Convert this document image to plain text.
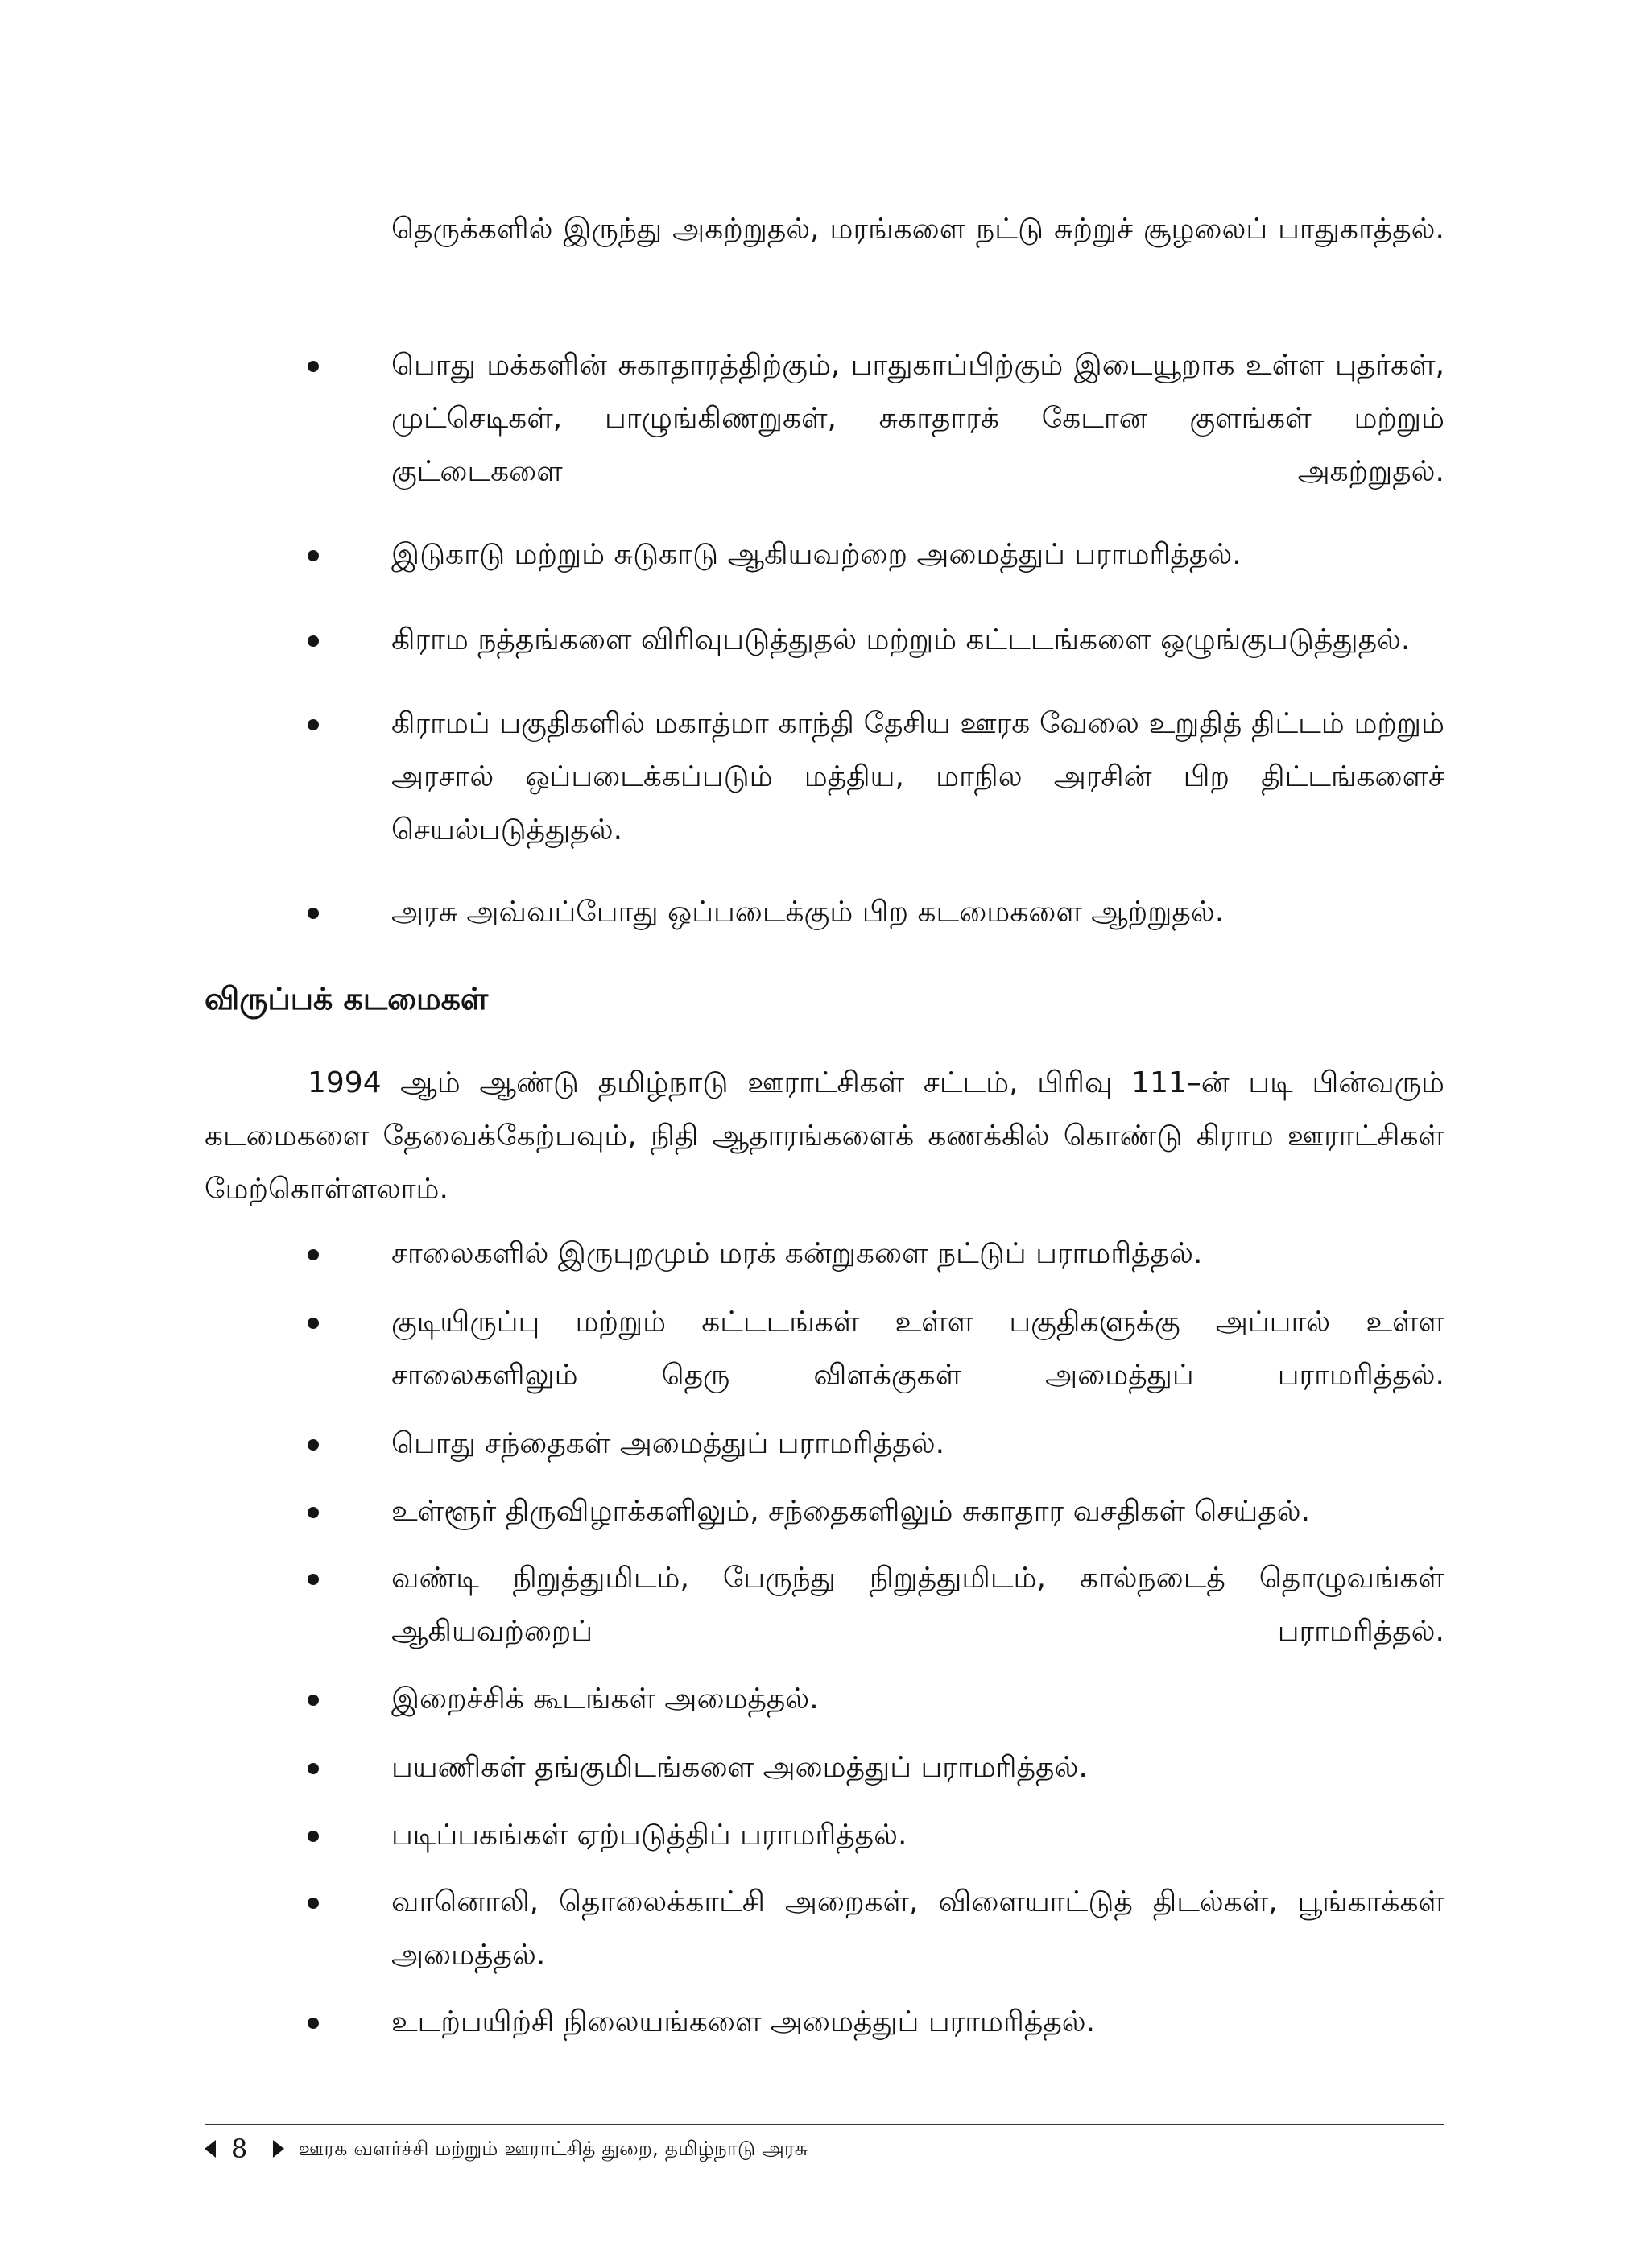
தெருக்களில் இருந்து அகற்றுதல், மரங்களை நட்டு சுற்றுச் சூழலைப் பாதுகாத்தல்.

பொது மக்களின் சுகாதாரத்திற்கும், பாதுகாப்பிற்கும் இடையூறாக உள்ள புதர்கள், முட்செடிகள், பாழுங்கிணறுகள், சுகாதாரக் கேடான குளங்கள் மற்றும் குட்டைகளை அகற்றுதல்.

இடுகாடு மற்றும் சுடுகாடு ஆகியவற்றை அமைத்துப் பராமரித்தல்.

கிராம நத்தங்களை விரிவுபடுத்துதல் மற்றும் கட்டடங்களை ஒழுங்குபடுத்துதல்.

கிராமப் பகுதிகளில் மகாத்மா காந்தி தேசிய ஊரக வேலை உறுதித் திட்டம் மற்றும் அரசால் ஒப்படைக்கப்படும் மத்திய, மாநில அரசின் பிற திட்டங்களைச் செயல்படுத்துதல்.

அரசு அவ்வப்போது ஒப்படைக்கும் பிற கடமைகளை ஆற்றுதல்.

விருப்பக் கடமைகள்

1994 ஆம் ஆண்டு தமிழ்நாடு ஊராட்சிகள் சட்டம், பிரிவு 111–ன் படி பின்வரும் கடமைகளை தேவைக்கேற்பவும், நிதி ஆதாரங்களைக் கணக்கில் கொண்டு கிராம ஊராட்சிகள் மேற்கொள்ளலாம்.

சாலைகளில் இருபுறமும் மரக் கன்றுகளை நட்டுப் பராமரித்தல்.

குடியிருப்பு மற்றும் கட்டடங்கள் உள்ள பகுதிகளுக்கு அப்பால் உள்ள சாலைகளிலும் தெரு விளக்குகள் அமைத்துப் பராமரித்தல்.

பொது சந்தைகள் அமைத்துப் பராமரித்தல்.

உள்ளூர் திருவிழாக்களிலும், சந்தைகளிலும் சுகாதார வசதிகள் செய்தல்.

வண்டி நிறுத்துமிடம், பேருந்து நிறுத்துமிடம், கால்நடைத் தொழுவங்கள் ஆகியவற்றைப் பராமரித்தல்.

இறைச்சிக் கூடங்கள் அமைத்தல்.

பயணிகள் தங்குமிடங்களை அமைத்துப் பராமரித்தல்.

படிப்பகங்கள் ஏற்படுத்திப் பராமரித்தல்.

வானொலி, தொலைக்காட்சி அறைகள், விளையாட்டுத் திடல்கள், பூங்காக்கள் அமைத்தல்.

உடற்பயிற்சி நிலையங்களை அமைத்துப் பராமரித்தல்.

8	ஊரக வளர்ச்சி மற்றும் ஊராட்சித் துறை, தமிழ்நாடு அரசு
